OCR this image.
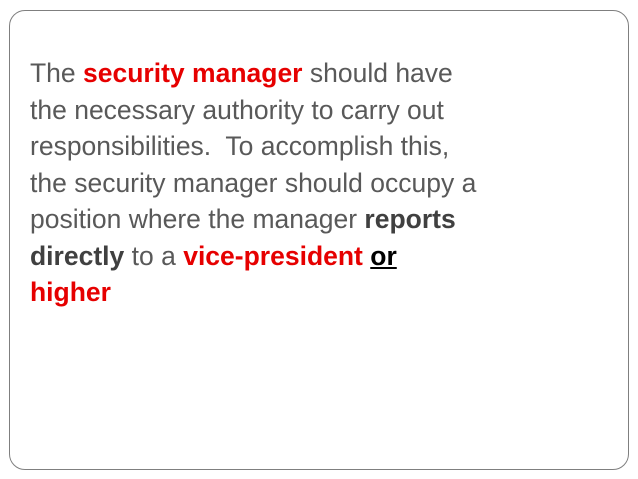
The security manager should have
the necessary authority to carry out
responsibilities.  To accomplish this,
the security manager should occupy a
position where the manager reports
directly to a vice-president or
higher
